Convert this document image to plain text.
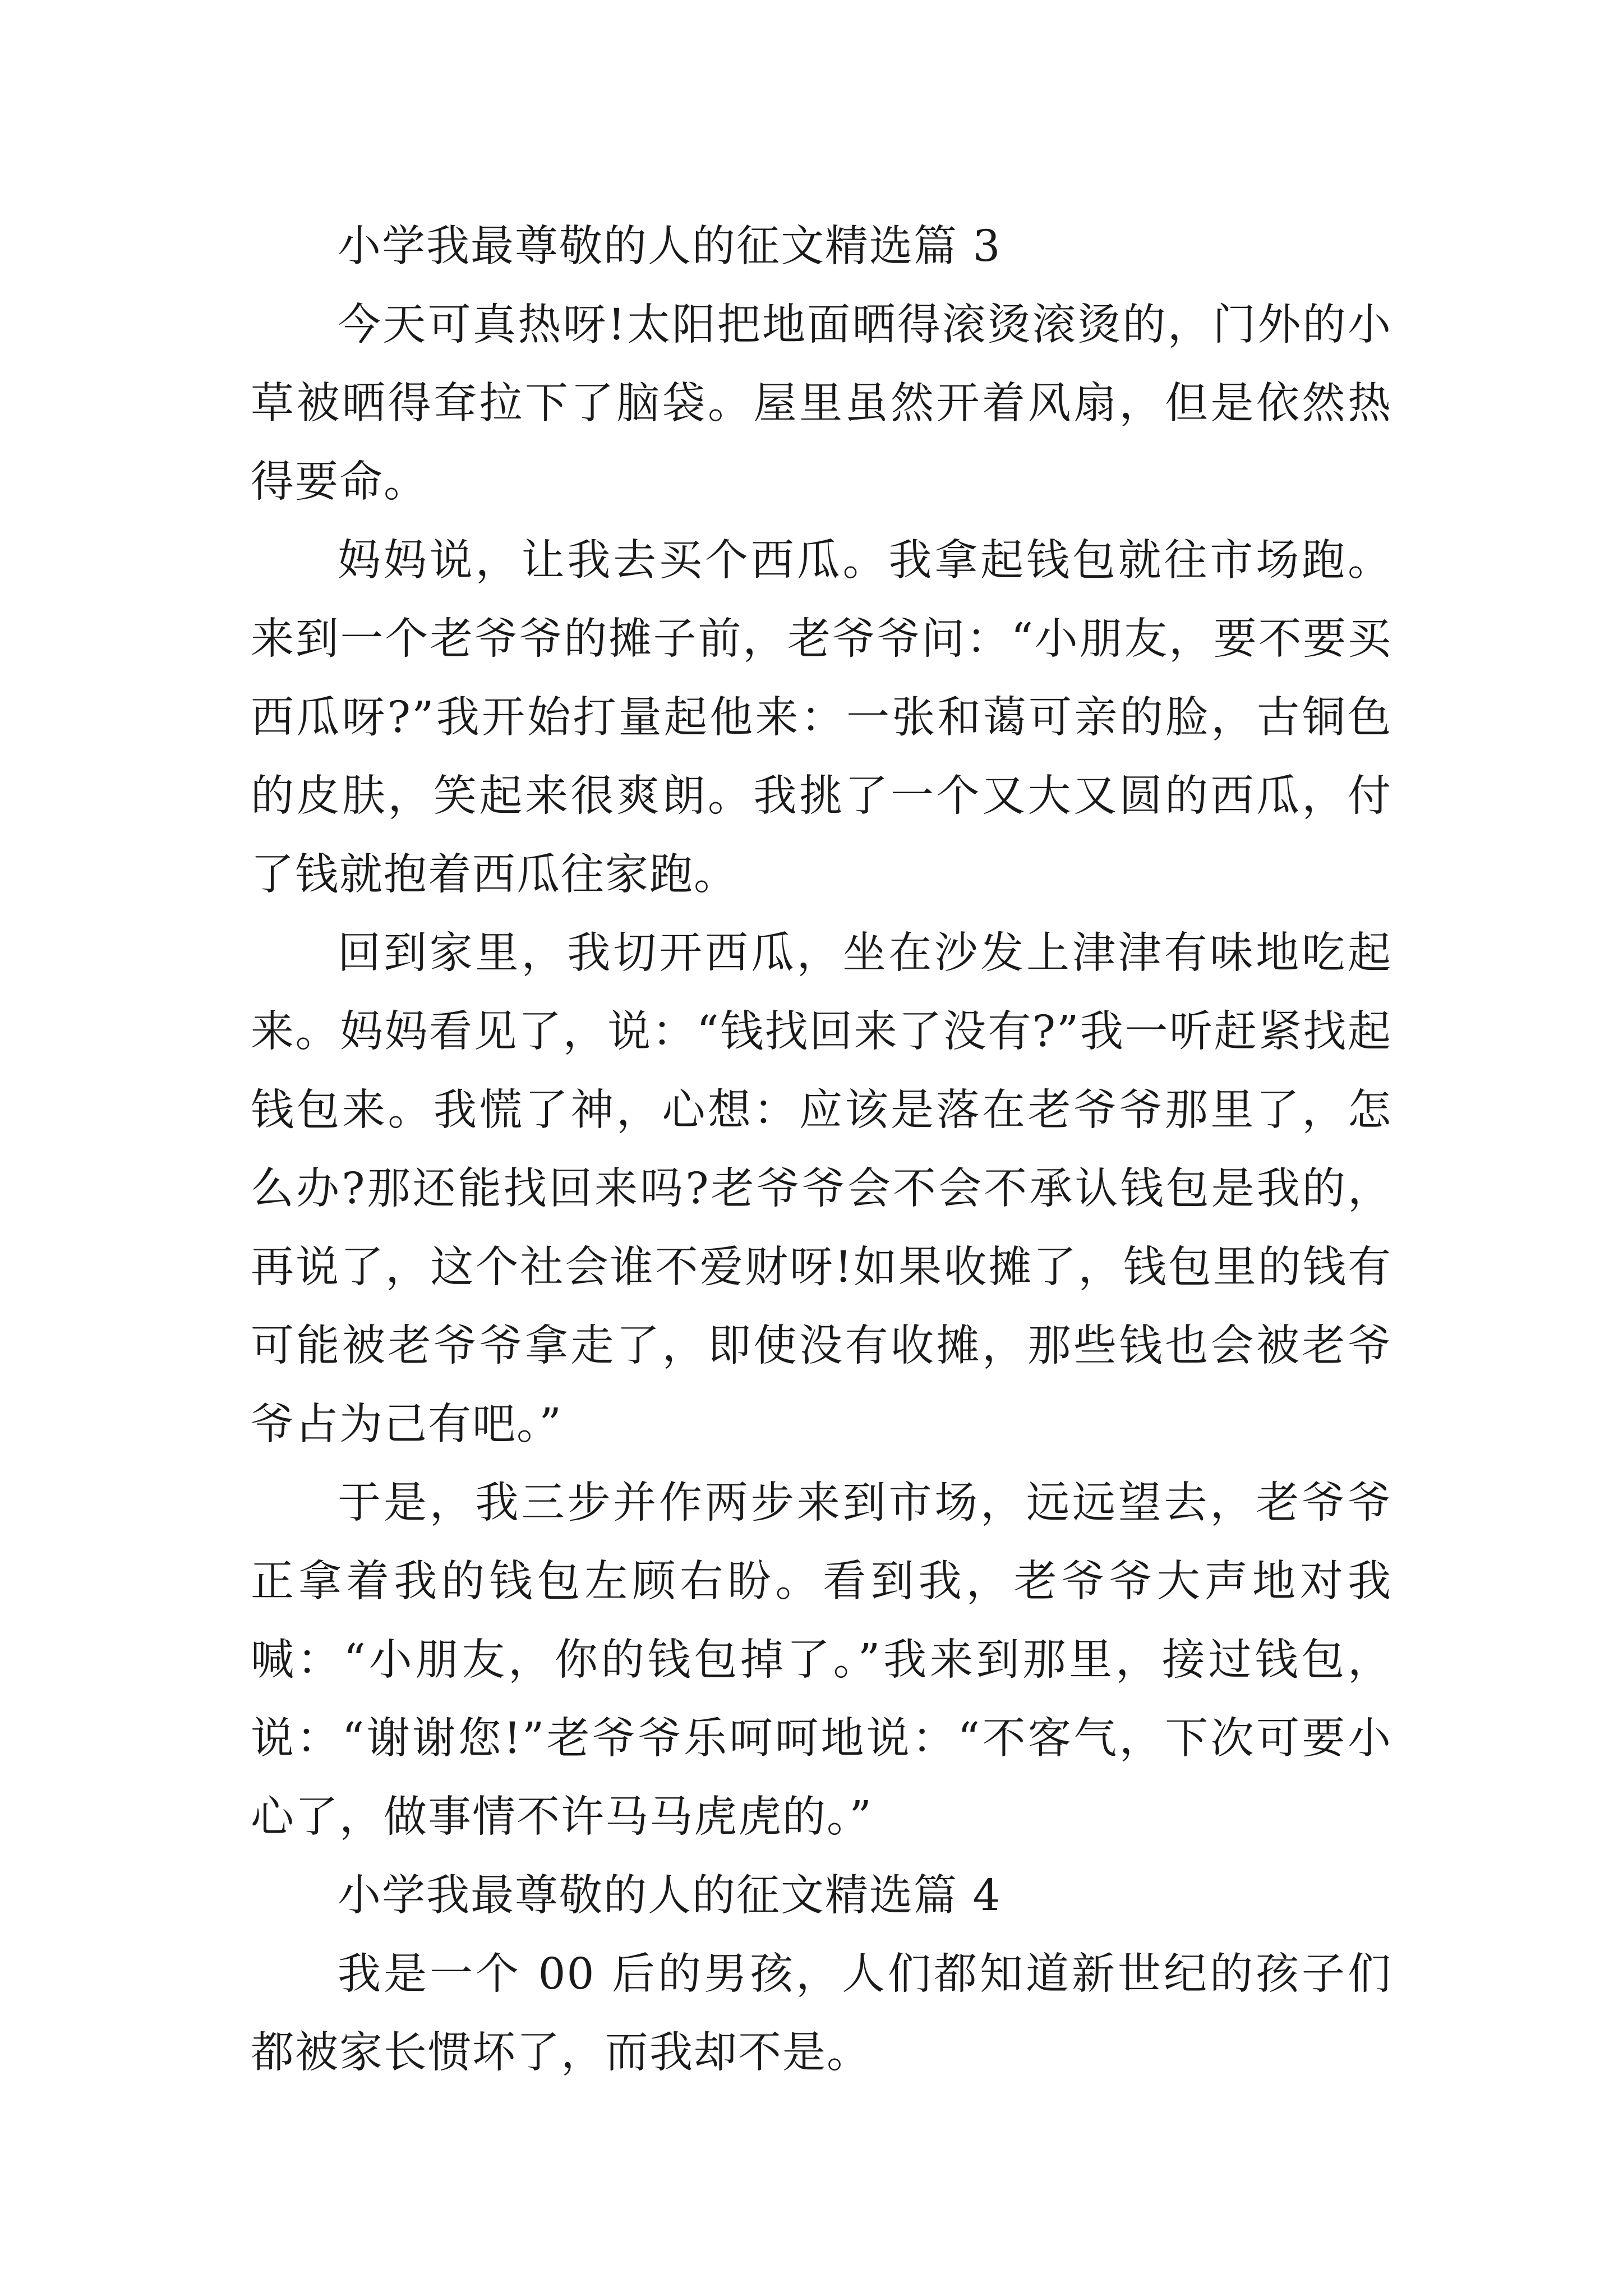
小学我最尊敬的人的征文精选篇 3

今天可真热呀!太阳把地面晒得滚烫滚烫的，门外的小草被晒得耷拉下了脑袋。屋里虽然开着风扇，但是依然热得要命。

妈妈说，让我去买个西瓜。我拿起钱包就往市场跑。来到一个老爷爷的摊子前，老爷爷问：“小朋友，要不要买西瓜呀?”我开始打量起他来：一张和蔼可亲的脸，古铜色的皮肤，笑起来很爽朗。我挑了一个又大又圆的西瓜，付了钱就抱着西瓜往家跑。

回到家里，我切开西瓜，坐在沙发上津津有味地吃起来。妈妈看见了，说：“钱找回来了没有?”我一听赶紧找起钱包来。我慌了神，心想：应该是落在老爷爷那里了，怎么办?那还能找回来吗?老爷爷会不会不承认钱包是我的，再说了，这个社会谁不爱财呀!如果收摊了，钱包里的钱有可能被老爷爷拿走了，即使没有收摊，那些钱也会被老爷爷占为己有吧。”

于是，我三步并作两步来到市场，远远望去，老爷爷正拿着我的钱包左顾右盼。看到我，老爷爷大声地对我喊：“小朋友，你的钱包掉了。”我来到那里，接过钱包，说：“谢谢您!”老爷爷乐呵呵地说：“不客气，下次可要小心了，做事情不许马马虎虎的。”

小学我最尊敬的人的征文精选篇 4

我是一个 00 后的男孩，人们都知道新世纪的孩子们都被家长惯坏了，而我却不是。
